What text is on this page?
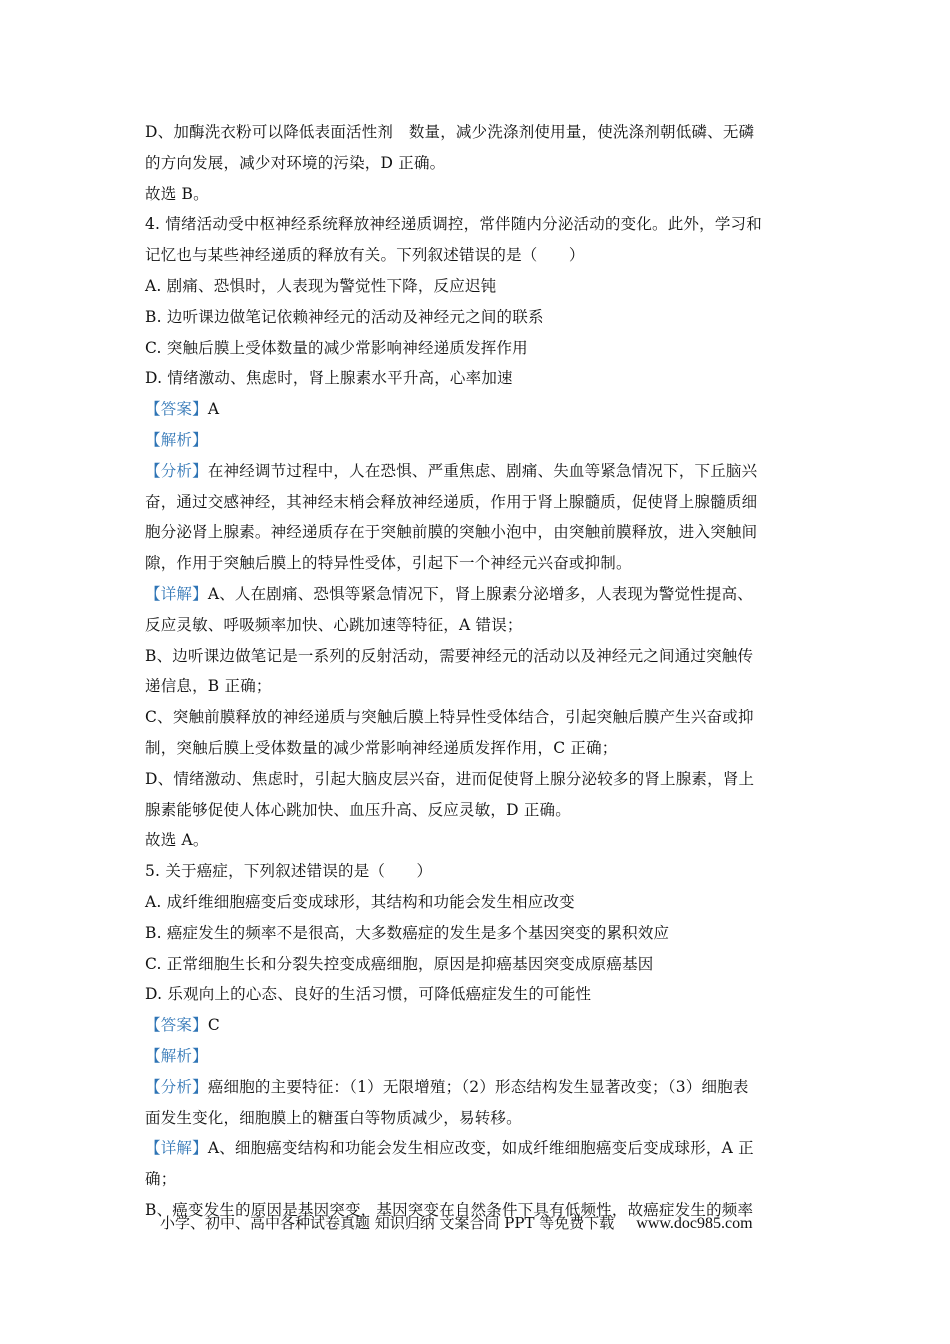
D、加酶洗衣粉可以降低表面活性剂　数量，减少洗涤剂使用量，使洗涤剂朝低磷、无磷
的方向发展，减少对环境的污染，D 正确。
故选 B。
4. 情绪活动受中枢神经系统释放神经递质调控，常伴随内分泌活动的变化。此外，学习和
记忆也与某些神经递质的释放有关。下列叙述错误的是（　　）
A. 剧痛、恐惧时，人表现为警觉性下降，反应迟钝
B. 边听课边做笔记依赖神经元的活动及神经元之间的联系
C. 突触后膜上受体数量的减少常影响神经递质发挥作用
D. 情绪激动、焦虑时，肾上腺素水平升高，心率加速
【答案】A
【解析】
【分析】在神经调节过程中，人在恐惧、严重焦虑、剧痛、失血等紧急情况下，下丘脑兴
奋，通过交感神经，其神经末梢会释放神经递质，作用于肾上腺髓质，促使肾上腺髓质细
胞分泌肾上腺素。神经递质存在于突触前膜的突触小泡中，由突触前膜释放，进入突触间
隙，作用于突触后膜上的特异性受体，引起下一个神经元兴奋或抑制。
【详解】A、人在剧痛、恐惧等紧急情况下，肾上腺素分泌增多，人表现为警觉性提高、
反应灵敏、呼吸频率加快、心跳加速等特征，A 错误；
B、边听课边做笔记是一系列的反射活动，需要神经元的活动以及神经元之间通过突触传
递信息，B 正确；
C、突触前膜释放的神经递质与突触后膜上特异性受体结合，引起突触后膜产生兴奋或抑
制，突触后膜上受体数量的减少常影响神经递质发挥作用，C 正确；
D、情绪激动、焦虑时，引起大脑皮层兴奋，进而促使肾上腺分泌较多的肾上腺素，肾上
腺素能够促使人体心跳加快、血压升高、反应灵敏，D 正确。
故选 A。
5. 关于癌症，下列叙述错误的是（　　）
A. 成纤维细胞癌变后变成球形，其结构和功能会发生相应改变
B. 癌症发生的频率不是很高，大多数癌症的发生是多个基因突变的累积效应
C. 正常细胞生长和分裂失控变成癌细胞，原因是抑癌基因突变成原癌基因
D. 乐观向上的心态、良好的生活习惯，可降低癌症发生的可能性
【答案】C
【解析】
【分析】癌细胞的主要特征：（1）无限增殖；（2）形态结构发生显著改变；（3）细胞表
面发生变化，细胞膜上的糖蛋白等物质减少，易转移。
【详解】A、细胞癌变结构和功能会发生相应改变，如成纤维细胞癌变后变成球形，A 正
确；
B、癌变发生的原因是基因突变，基因突变在自然条件下具有低频性，故癌症发生的频率
小学、初中、高中各种试卷真题 知识归纳 文案合同 PPT 等免费下载 www.doc985.com
